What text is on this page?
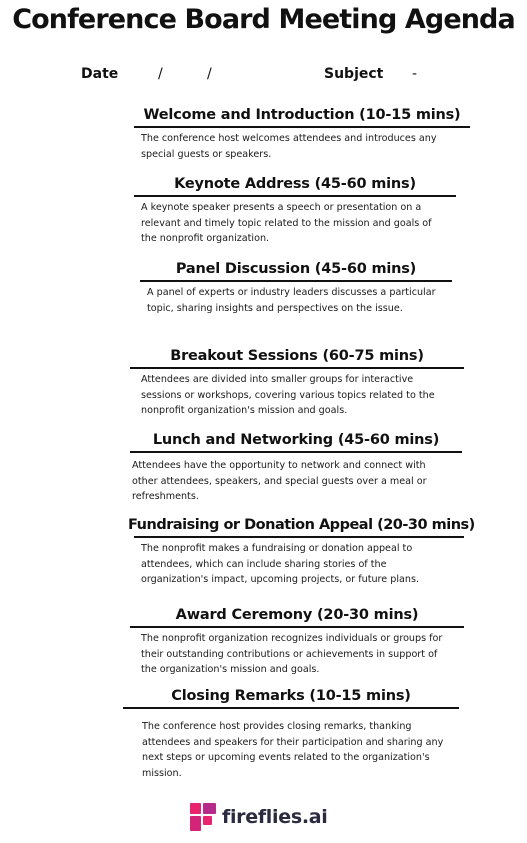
Conference Board Meeting Agenda
Date	/	/	Subject -
Welcome and Introduction (10-15 mins)

The conference host welcomes attendees and introduces any
special guests or speakers.

Keynote Address (45-60 mins)

A keynote speaker presents a speech or presentation on a
relevant and timely topic related to the mission and goals of
the nonprofit organization.

Panel Discussion (45-60 mins)

A panel of experts or industry leaders discusses a particular
topic, sharing insights and perspectives on the issue.

Breakout Sessions (60-75 mins)

Attendees are divided into smaller groups for interactive
sessions or workshops, covering various topics related to the
nonprofit organization's mission and goals.

Lunch and Networking (45-60 mins)

Attendees have the opportunity to network and connect with
other attendees, speakers, and special guests over a meal or
refreshments.

Fundraising or Donation Appeal (20-30 mins)

The nonprofit makes a fundraising or donation appeal to
attendees, which can include sharing stories of the
organization's impact, upcoming projects, or future plans.

Award Ceremony (20-30 mins)

The nonprofit organization recognizes individuals or groups for
their outstanding contributions or achievements in support of
the organization's mission and goals.

Closing Remarks (10-15 mins)

The conference host provides closing remarks, thanking
attendees and speakers for their participation and sharing any
next steps or upcoming events related to the organization's
mission.

fireflies.ai
